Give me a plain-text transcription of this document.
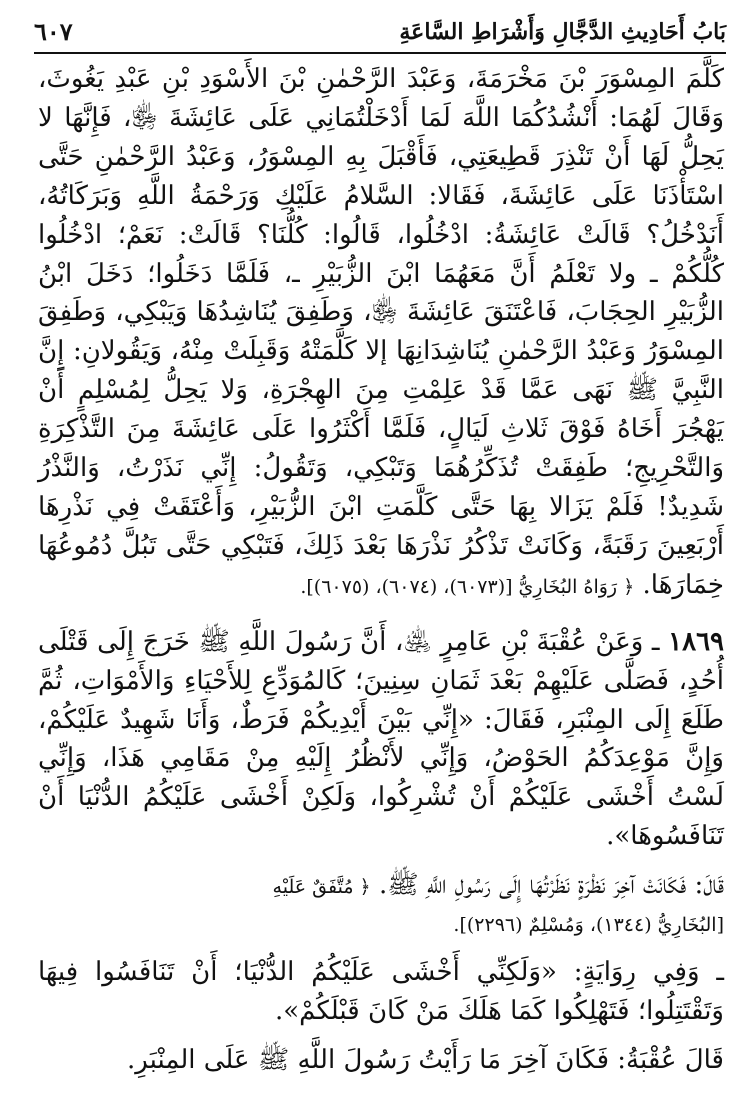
بَابُ أَحَادِيثِ الدَّجَّالِ وَأَشْرَاطِ السَّاعَةِ
٦٠٧

كَلَّمَ المِسْوَرَ بْنَ مَخْرَمَةَ، وَعَبْدَ الرَّحْمٰنِ بْنَ الأَسْوَدِ بْنِ عَبْدِ يَغُوثَ، وَقَالَ لَهُمَا: أَنْشُدُكُمَا اللَّهَ لَمَا أَدْخَلْتُمَانِي عَلَى عَائِشَةَ ﵂، فَإِنَّهَا لا يَحِلُّ لَهَا أَنْ تَنْذِرَ قَطِيعَتِي، فَأَقْبَلَ بِهِ المِسْوَرُ، وَعَبْدُ الرَّحْمٰنِ حَتَّى اسْتَأْذَنَا عَلَى عَائِشَةَ، فَقَالا: السَّلامُ عَلَيْكِ وَرَحْمَةُ اللَّهِ وَبَرَكَاتُهُ، أَنَدْخُلُ؟ قَالَتْ عَائِشَةُ: ادْخُلُوا، قَالُوا: كُلُّنَا؟ قَالَتْ: نَعَمْ؛ ادْخُلُوا كُلُّكُمْ ـ ولا تَعْلَمُ أَنَّ مَعَهُمَا ابْنَ الزُّبَيْرِ ـ، فَلَمَّا دَخَلُوا؛ دَخَلَ ابْنُ الزُّبَيْرِ الحِجَابَ، فَاعْتَنَقَ عَائِشَةَ ﵂، وَطَفِقَ يُنَاشِدُهَا وَيَبْكِي، وَطَفِقَ المِسْوَرُ وَعَبْدُ الرَّحْمٰنِ يُنَاشِدَانِهَا إلا كَلَّمَتْهُ وَقَبِلَتْ مِنْهُ، وَيَقُولانِ: إِنَّ النَّبِيَّ ﷺ نَهَى عَمَّا قَدْ عَلِمْتِ مِنَ الهِجْرَةِ، وَلا يَحِلُّ لِمُسْلِمٍ أَنْ يَهْجُرَ أَخَاهُ فَوْقَ ثَلاثِ لَيَالٍ، فَلَمَّا أَكْثَرُوا عَلَى عَائِشَةَ مِنَ التَّذْكِرَةِ وَالتَّحْرِيجِ؛ طَفِقَتْ تُذَكِّرُهُمَا وَتَبْكِي، وَتَقُولُ: إِنِّي نَذَرْتُ، وَالنَّذْرُ شَدِيدٌ! فَلَمْ يَزَالا بِهَا حَتَّى كَلَّمَتِ ابْنَ الزُّبَيْرِ، وَأَعْتَقَتْ فِي نَذْرِهَا أَرْبَعِينَ رَقَبَةً، وَكَانَتْ تَذْكُرُ نَذْرَهَا بَعْدَ ذَلِكَ، فَتَبْكِي حَتَّى تَبُلَّ دُمُوعُهَا خِمَارَهَا. ﴿ رَوَاهُ البُخَارِيُّ [(٦٠٧٣)، (٦٠٧٤)، (٦٠٧٥)].

١٨٦٩ ـ وَعَنْ عُقْبَةَ بْنِ عَامِرٍ ﵁، أَنَّ رَسُولَ اللَّهِ ﷺ خَرَجَ إِلَى قَتْلَى أُحُدٍ، فَصَلَّى عَلَيْهِمْ بَعْدَ ثَمَانِ سِنِينَ؛ كَالمُوَدِّعِ لِلأَحْيَاءِ وَالأَمْوَاتِ، ثُمَّ طَلَعَ إِلَى المِنْبَرِ، فَقَالَ: «إِنِّي بَيْنَ أَيْدِيكُمْ فَرَطٌ، وَأَنَا شَهِيدٌ عَلَيْكُمْ، وَإِنَّ مَوْعِدَكُمُ الحَوْضُ، وَإِنِّي لأَنْظُرُ إِلَيْهِ مِنْ مَقَامِي هَذَا، وَإِنِّي لَسْتُ أَخْشَى عَلَيْكُمْ أَنْ تُشْرِكُوا، وَلَكِنْ أَخْشَى عَلَيْكُمُ الدُّنْيَا أَنْ تَنَافَسُوهَا».

قَالَ: فَكَانَتْ آخِرَ نَظْرَةٍ نَظَرْتُهَا إِلَى رَسُولِ اللَّهِ ﷺ. ﴿ مُتَّفَقٌ عَلَيْهِ

[البُخَارِيُّ (١٣٤٤)، وَمُسْلِمٌ (٢٢٩٦)].

ـ وَفِي رِوَايَةٍ: «وَلَكِنِّي أَخْشَى عَلَيْكُمُ الدُّنْيَا؛ أَنْ تَنَافَسُوا فِيهَا وَتَقْتَتِلُوا؛ فَتَهْلِكُوا كَمَا هَلَكَ مَنْ كَانَ قَبْلَكُمْ».

قَالَ عُقْبَةُ: فَكَانَ آخِرَ مَا رَأَيْتُ رَسُولَ اللَّهِ ﷺ عَلَى المِنْبَرِ.
